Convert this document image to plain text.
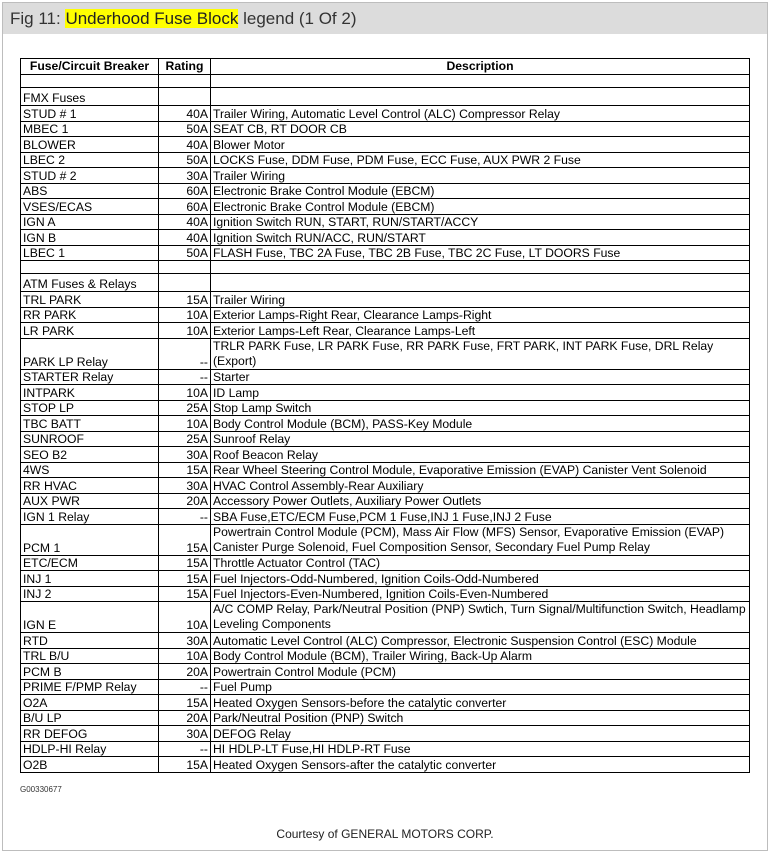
Fig 11: Underhood Fuse Block legend (1 Of 2)
Fuse/Circuit Breaker	Rating	Description

FMX Fuses		
STUD # 1	40A	Trailer Wiring, Automatic Level Control (ALC) Compressor Relay
MBEC 1	50A	SEAT CB, RT DOOR CB
BLOWER	40A	Blower Motor
LBEC 2	50A	LOCKS Fuse, DDM Fuse, PDM Fuse, ECC Fuse, AUX PWR 2 Fuse
STUD # 2	30A	Trailer Wiring
ABS	60A	Electronic Brake Control Module (EBCM)
VSES/ECAS	60A	Electronic Brake Control Module (EBCM)
IGN A	40A	Ignition Switch RUN, START, RUN/START/ACCY
IGN B	40A	Ignition Switch RUN/ACC, RUN/START
LBEC 1	50A	FLASH Fuse, TBC 2A Fuse, TBC 2B Fuse, TBC 2C Fuse, LT DOORS Fuse

ATM Fuses & Relays		
TRL PARK	15A	Trailer Wiring
RR PARK	10A	Exterior Lamps-Right Rear, Clearance Lamps-Right
LR PARK	10A	Exterior Lamps-Left Rear, Clearance Lamps-Left
PARK LP Relay	--	TRLR PARK Fuse, LR PARK Fuse, RR PARK Fuse, FRT PARK, INT PARK Fuse, DRL Relay (Export)
STARTER Relay	--	Starter
INTPARK	10A	ID Lamp
STOP LP	25A	Stop Lamp Switch
TBC BATT	10A	Body Control Module (BCM), PASS-Key Module
SUNROOF	25A	Sunroof Relay
SEO B2	30A	Roof Beacon Relay
4WS	15A	Rear Wheel Steering Control Module, Evaporative Emission (EVAP) Canister Vent Solenoid
RR HVAC	30A	HVAC Control Assembly-Rear Auxiliary
AUX PWR	20A	Accessory Power Outlets, Auxiliary Power Outlets
IGN 1 Relay	--	SBA Fuse,ETC/ECM Fuse,PCM 1 Fuse,INJ 1 Fuse,INJ 2 Fuse
PCM 1	15A	Powertrain Control Module (PCM), Mass Air Flow (MFS) Sensor, Evaporative Emission (EVAP) Canister Purge Solenoid, Fuel Composition Sensor, Secondary Fuel Pump Relay
ETC/ECM	15A	Throttle Actuator Control (TAC)
INJ 1	15A	Fuel Injectors-Odd-Numbered, Ignition Coils-Odd-Numbered
INJ 2	15A	Fuel Injectors-Even-Numbered, Ignition Coils-Even-Numbered
IGN E	10A	A/C COMP Relay, Park/Neutral Position (PNP) Swtich, Turn Signal/Multifunction Switch, Headlamp Leveling Components
RTD	30A	Automatic Level Control (ALC) Compressor, Electronic Suspension Control (ESC) Module
TRL B/U	10A	Body Control Module (BCM), Trailer Wiring, Back-Up Alarm
PCM B	20A	Powertrain Control Module (PCM)
PRIME F/PMP Relay	--	Fuel Pump
O2A	15A	Heated Oxygen Sensors-before the catalytic converter
B/U LP	20A	Park/Neutral Position (PNP) Switch
RR DEFOG	30A	DEFOG Relay
HDLP-HI Relay	--	HI HDLP-LT Fuse,HI HDLP-RT Fuse
O2B	15A	Heated Oxygen Sensors-after the catalytic converter
G00330677
Courtesy of GENERAL MOTORS CORP.
